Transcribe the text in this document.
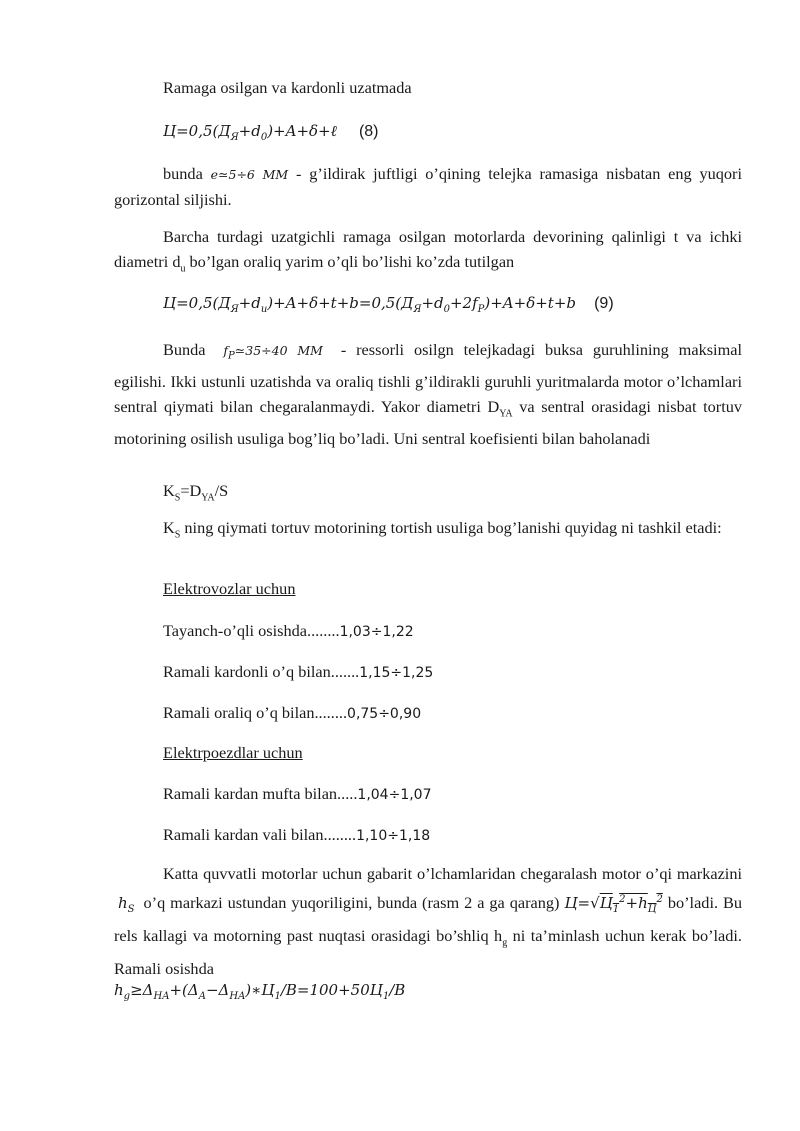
Ramaga osilgan va kardonli uzatmada

$Ц=0,5(Д_Я+d_0)+A+\delta+\ell$ (8)

bunda e≃5÷6 MM - g’ildirak juftligi o’qining telejka ramasiga nisbatan eng yuqori gorizontal siljishi.

Barcha turdagi uzatgichli ramaga osilgan motorlarda devorining qalinligi t va ichki diametri $d_u$ bo’lgan oraliq yarim o’qli bo’lishi ko’zda tutilgan

$Ц=0,5(Д_Я+d_u)+A+\delta+t+b=0,5(Д_Я+d_0+2f_P)+A+\delta+t+b$ (9)

Bunda $f_P≃35\div 40$ MM - ressorli osilgn telejkadagi buksa guruhlining maksimal egilishi. Ikki ustunli uzatishda va oraliq tishli g’ildirakli guruhli yuritmalarda motor o’lchamlari sentral qiymati bilan chegaralanmaydi. Yakor diametri $D_{YA}$ va sentral orasidagi nisbat tortuv motorining osilish usuliga bog’liq bo’ladi. Uni sentral koefisienti bilan baholanadi

$K_S=D_{YA}/S$

$K_S$ ning qiymati tortuv motorining tortish usuliga bog’lanishi quyidag ni tashkil etadi:

Elektrovozlar uchun

Tayanch-o’qli osishda........1,03÷1,22

Ramali kardonli o’q bilan.......1,15÷1,25

Ramali oraliq o’q bilan........0,75÷0,90

Elektrpoezdlar uchun

Ramali kardan mufta bilan.....1,04÷1,07

Ramali kardan vali bilan........1,10÷1,18

Katta quvvatli motorlar uchun gabarit o’lchamlaridan chegaralash motor o’qi markazini $h_S$ o’q markazi ustundan yuqoriligini, bunda (rasm 2 a ga qarang) $Ц=√Ц_1^2+h_Ц^2$ bo’ladi. Bu rels kallagi va motorning past nuqtasi orasidagi bo’shliq $h_g$ ni ta’minlash uchun kerak bo’ladi. Ramali osishda

$h_g\ge\Delta_{HA}+(\Delta_A-\Delta_{HA})∗Ц_1/B=100+50Ц_1/B$
